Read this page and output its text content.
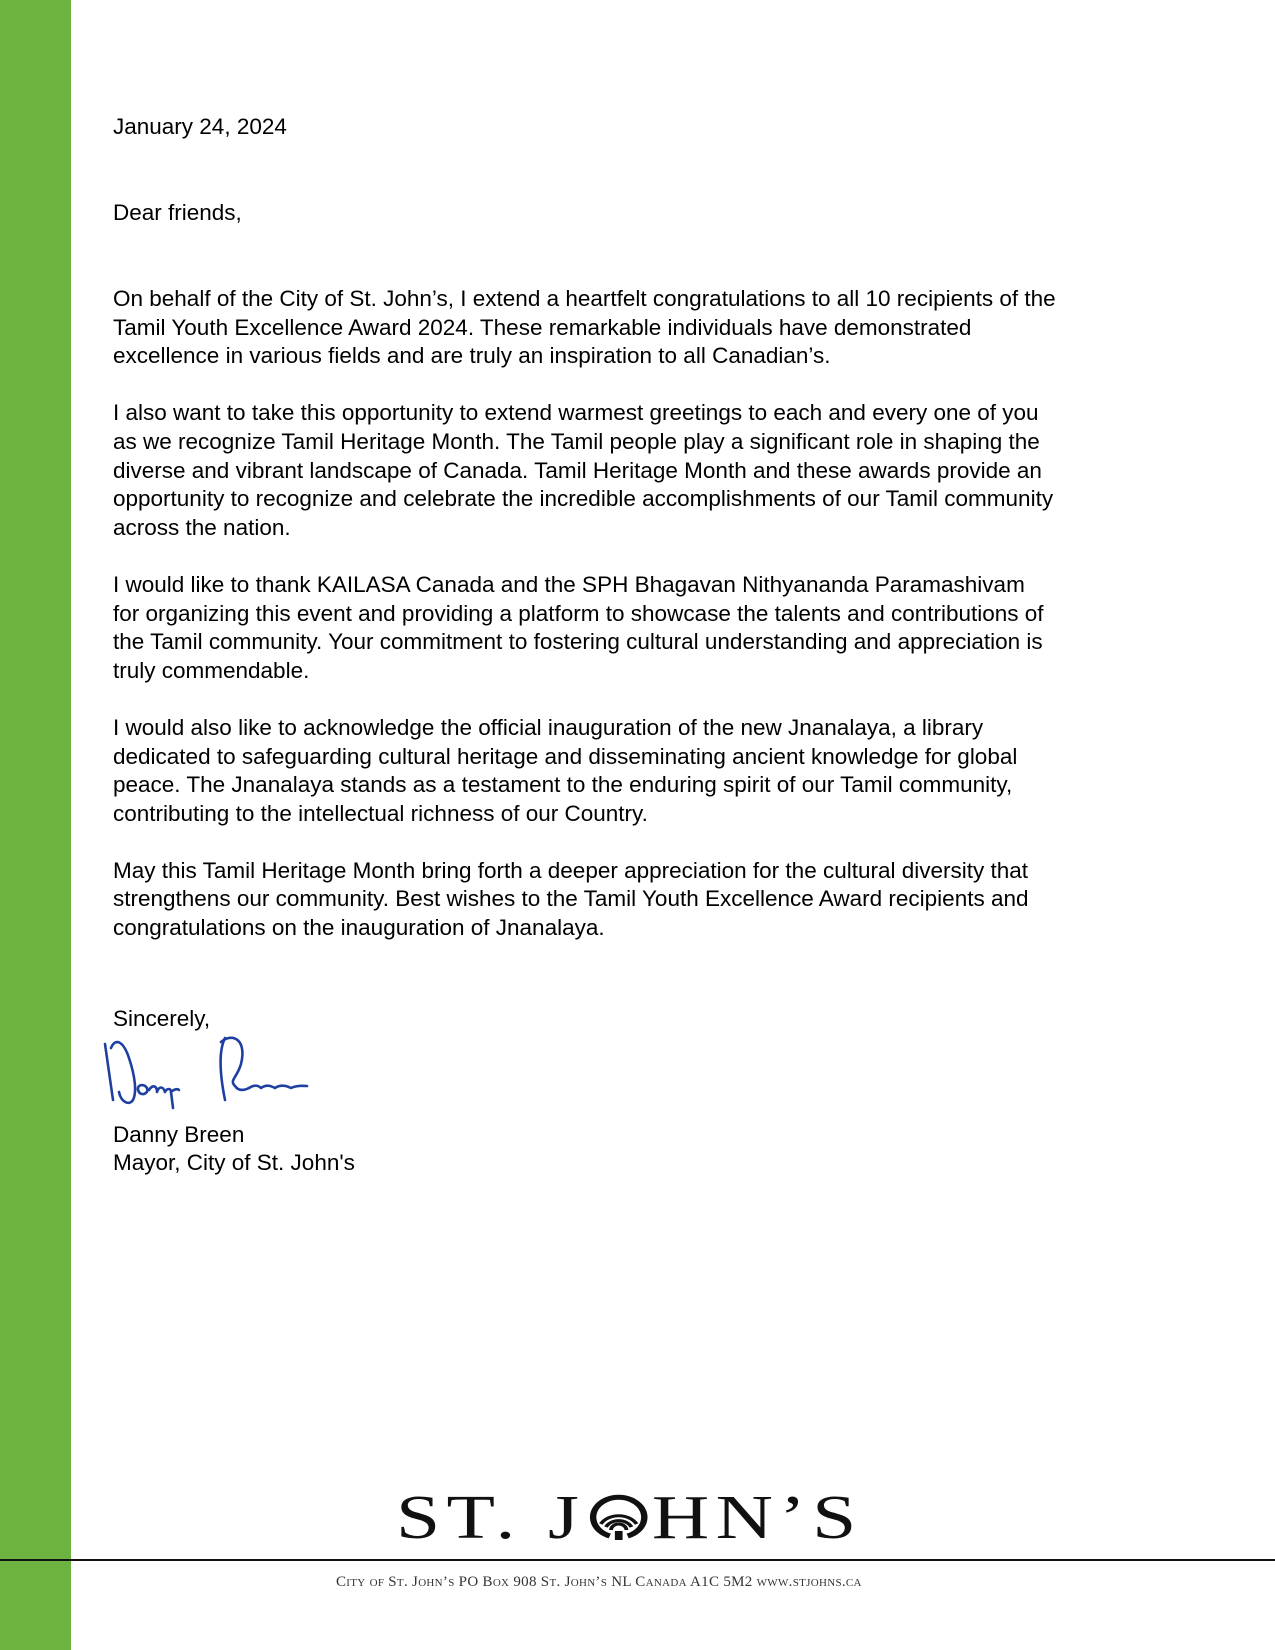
January 24, 2024
Dear friends,

On behalf of the City of St. John’s, I extend a heartfelt congratulations to all 10 recipients of the
Tamil Youth Excellence Award 2024. These remarkable individuals have demonstrated
excellence in various fields and are truly an inspiration to all Canadian’s.

I also want to take this opportunity to extend warmest greetings to each and every one of you
as we recognize Tamil Heritage Month. The Tamil people play a significant role in shaping the
diverse and vibrant landscape of Canada. Tamil Heritage Month and these awards provide an
opportunity to recognize and celebrate the incredible accomplishments of our Tamil community
across the nation.

I would like to thank KAILASA Canada and the SPH Bhagavan Nithyananda Paramashivam
for organizing this event and providing a platform to showcase the talents and contributions of
the Tamil community. Your commitment to fostering cultural understanding and appreciation is
truly commendable.

I would also like to acknowledge the official inauguration of the new Jnanalaya, a library
dedicated to safeguarding cultural heritage and disseminating ancient knowledge for global
peace. The Jnanalaya stands as a testament to the enduring spirit of our Tamil community,
contributing to the intellectual richness of our Country.

May this Tamil Heritage Month bring forth a deeper appreciation for the cultural diversity that
strengthens our community. Best wishes to the Tamil Youth Excellence Award recipients and
congratulations on the inauguration of Jnanalaya.

Sincerely,
Danny Breen
Mayor, City of St. John's
ST. J HN’S
City of St. John’s PO Box 908 St. John’s NL Canada A1C 5M2 www.stjohns.ca
